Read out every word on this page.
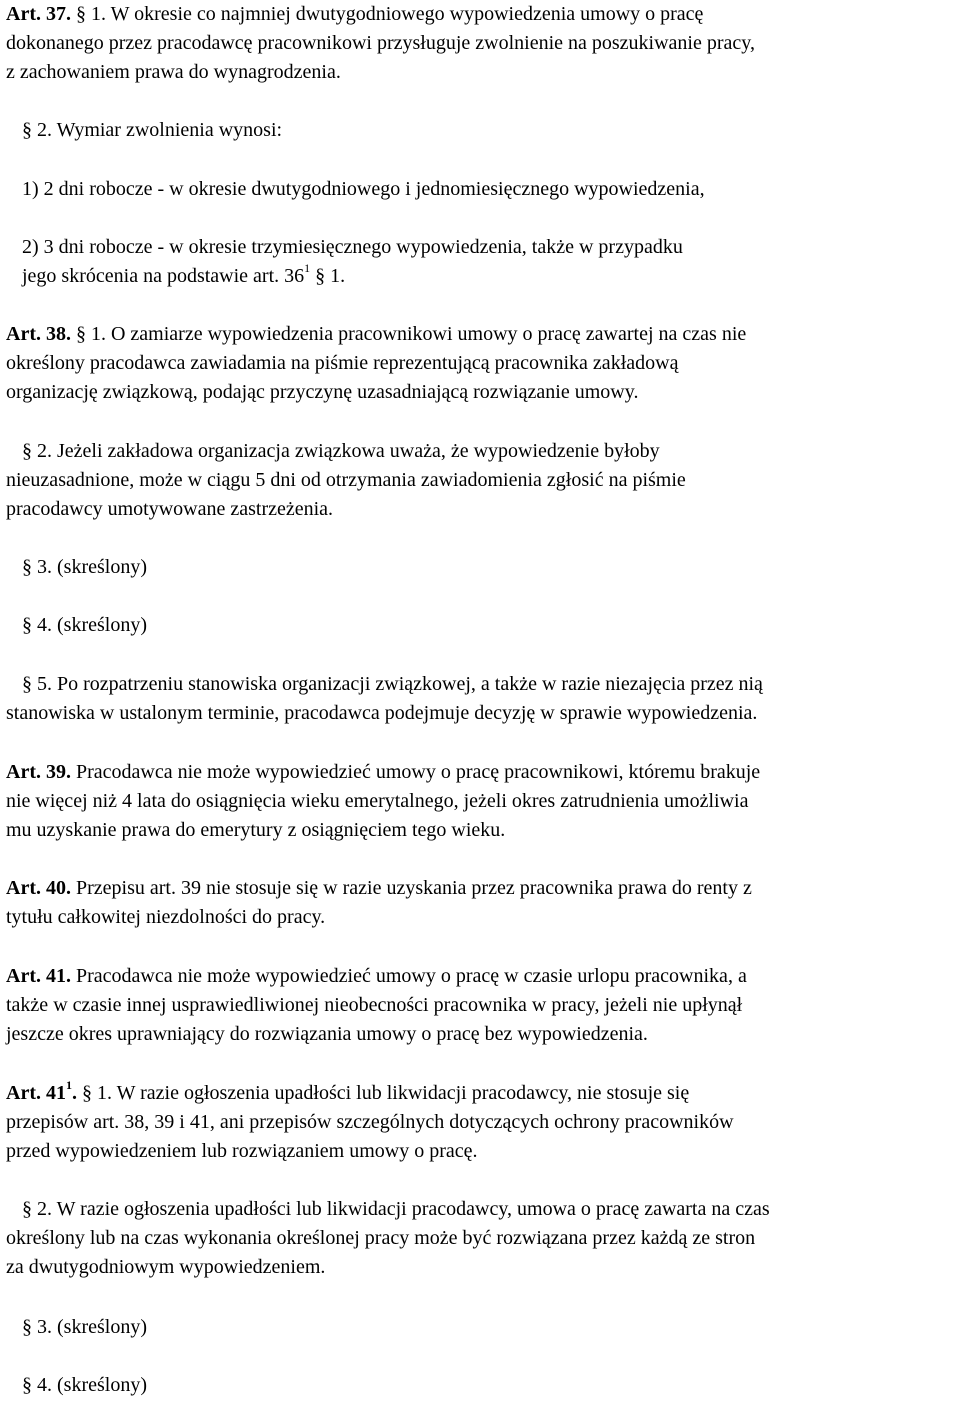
Art. 37. § 1. W okresie co najmniej dwutygodniowego wypowiedzenia umowy o pracę
dokonanego przez pracodawcę pracownikowi przysługuje zwolnienie na poszukiwanie pracy,
z zachowaniem prawa do wynagrodzenia.
§ 2. Wymiar zwolnienia wynosi:
1) 2 dni robocze - w okresie dwutygodniowego i jednomiesięcznego wypowiedzenia,
2) 3 dni robocze - w okresie trzymiesięcznego wypowiedzenia, także w przypadku
jego skrócenia na podstawie art. $36^1$ § 1.
Art. 38. § 1. O zamiarze wypowiedzenia pracownikowi umowy o pracę zawartej na czas nie
określony pracodawca zawiadamia na piśmie reprezentującą pracownika zakładową
organizację związkową, podając przyczynę uzasadniającą rozwiązanie umowy.
§ 2. Jeżeli zakładowa organizacja związkowa uważa, że wypowiedzenie byłoby
nieuzasadnione, może w ciągu 5 dni od otrzymania zawiadomienia zgłosić na piśmie
pracodawcy umotywowane zastrzeżenia.
§ 3. (skreślony)
§ 4. (skreślony)
§ 5. Po rozpatrzeniu stanowiska organizacji związkowej, a także w razie niezajęcia przez nią
stanowiska w ustalonym terminie, pracodawca podejmuje decyzję w sprawie wypowiedzenia.
Art. 39. Pracodawca nie może wypowiedzieć umowy o pracę pracownikowi, któremu brakuje
nie więcej niż 4 lata do osiągnięcia wieku emerytalnego, jeżeli okres zatrudnienia umożliwia
mu uzyskanie prawa do emerytury z osiągnięciem tego wieku.
Art. 40. Przepisu art. 39 nie stosuje się w razie uzyskania przez pracownika prawa do renty z
tytułu całkowitej niezdolności do pracy.
Art. 41. Pracodawca nie może wypowiedzieć umowy o pracę w czasie urlopu pracownika, a
także w czasie innej usprawiedliwionej nieobecności pracownika w pracy, jeżeli nie upłynął
jeszcze okres uprawniający do rozwiązania umowy o pracę bez wypowiedzenia.
Art. $41^1$. § 1. W razie ogłoszenia upadłości lub likwidacji pracodawcy, nie stosuje się
przepisów art. 38, 39 i 41, ani przepisów szczególnych dotyczących ochrony pracowników
przed wypowiedzeniem lub rozwiązaniem umowy o pracę.
§ 2. W razie ogłoszenia upadłości lub likwidacji pracodawcy, umowa o pracę zawarta na czas
określony lub na czas wykonania określonej pracy może być rozwiązana przez każdą ze stron
za dwutygodniowym wypowiedzeniem.
§ 3. (skreślony)
§ 4. (skreślony)
